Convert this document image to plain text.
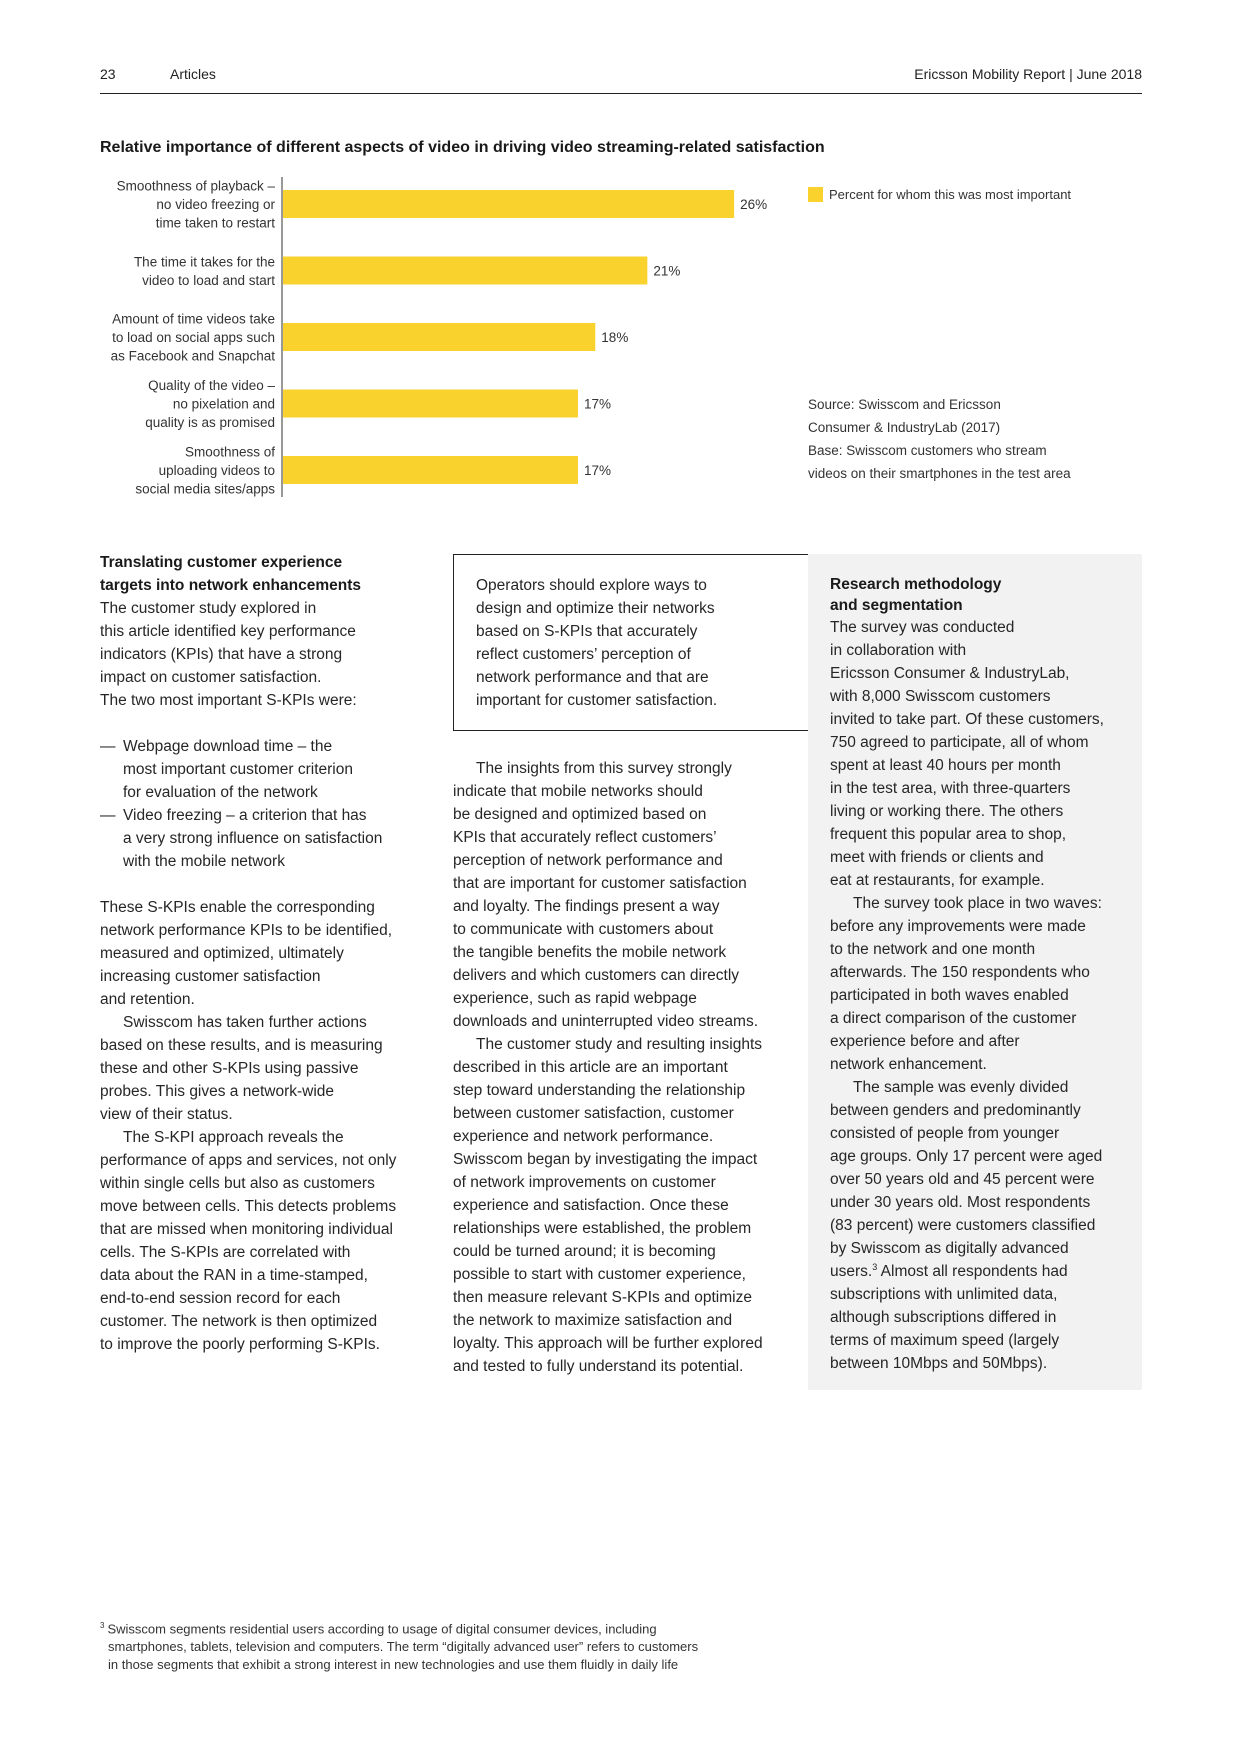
23	Articles	Ericsson Mobility Report | June 2018
Relative importance of different aspects of video in driving video streaming-related satisfaction
26%
Smoothness of playback – no video freezing or time taken to restart
21%
The time it takes for the video to load and start
18%
Amount of time videos take to load on social apps such as Facebook and Snapchat
17%
Quality of the video – no pixelation and quality is as promised
17%
Smoothness of uploading videos to social media sites/apps
Percent for whom this was most important
Source: Swisscom and Ericsson
Consumer & IndustryLab (2017)
Base: Swisscom customers who stream
videos on their smartphones in the test area
Translating customer experience
targets into network enhancements

The customer study explored in
this article identified key performance
indicators (KPIs) that have a strong
impact on customer satisfaction.
The two most important S-KPIs were:

— Webpage download time – the
most important customer criterion
for evaluation of the network
— Video freezing – a criterion that has
a very strong influence on satisfaction
with the mobile network

These S-KPIs enable the corresponding
network performance KPIs to be identified,
measured and optimized, ultimately
increasing customer satisfaction
and retention.

Swisscom has taken further actions
based on these results, and is measuring
these and other S-KPIs using passive
probes. This gives a network-wide
view of their status.

The S-KPI approach reveals the
performance of apps and services, not only
within single cells but also as customers
move between cells. This detects problems
that are missed when monitoring individual
cells. The S-KPIs are correlated with
data about the RAN in a time-stamped,
end-to-end session record for each
customer. The network is then optimized
to improve the poorly performing S-KPIs.

Operators should explore ways to
design and optimize their networks
based on S-KPIs that accurately
reflect customers’ perception of
network performance and that are
important for customer satisfaction.

The insights from this survey strongly
indicate that mobile networks should
be designed and optimized based on
KPIs that accurately reflect customers’
perception of network performance and
that are important for customer satisfaction
and loyalty. The findings present a way
to communicate with customers about
the tangible benefits the mobile network
delivers and which customers can directly
experience, such as rapid webpage
downloads and uninterrupted video streams.

The customer study and resulting insights
described in this article are an important
step toward understanding the relationship
between customer satisfaction, customer
experience and network performance.
Swisscom began by investigating the impact
of network improvements on customer
experience and satisfaction. Once these
relationships were established, the problem
could be turned around; it is becoming
possible to start with customer experience,
then measure relevant S-KPIs and optimize
the network to maximize satisfaction and
loyalty. This approach will be further explored
and tested to fully understand its potential.

Research methodology
and segmentation

The survey was conducted
in collaboration with
Ericsson Consumer & IndustryLab,
with 8,000 Swisscom customers
invited to take part. Of these customers,
750 agreed to participate, all of whom
spent at least 40 hours per month
in the test area, with three-quarters
living or working there. The others
frequent this popular area to shop,
meet with friends or clients and
eat at restaurants, for example.

The survey took place in two waves:
before any improvements were made
to the network and one month
afterwards. The 150 respondents who
participated in both waves enabled
a direct comparison of the customer
experience before and after
network enhancement.

The sample was evenly divided
between genders and predominantly
consisted of people from younger
age groups. Only 17 percent were aged
over 50 years old and 45 percent were
under 30 years old. Most respondents
(83 percent) were customers classified
by Swisscom as digitally advanced
users.$^3$ Almost all respondents had
subscriptions with unlimited data,
although subscriptions differed in
terms of maximum speed (largely
between 10Mbps and 50Mbps).

$^3$ Swisscom segments residential users according to usage of digital consumer devices, including
smartphones, tablets, television and computers. The term “digitally advanced user” refers to customers
in those segments that exhibit a strong interest in new technologies and use them fluidly in daily life
